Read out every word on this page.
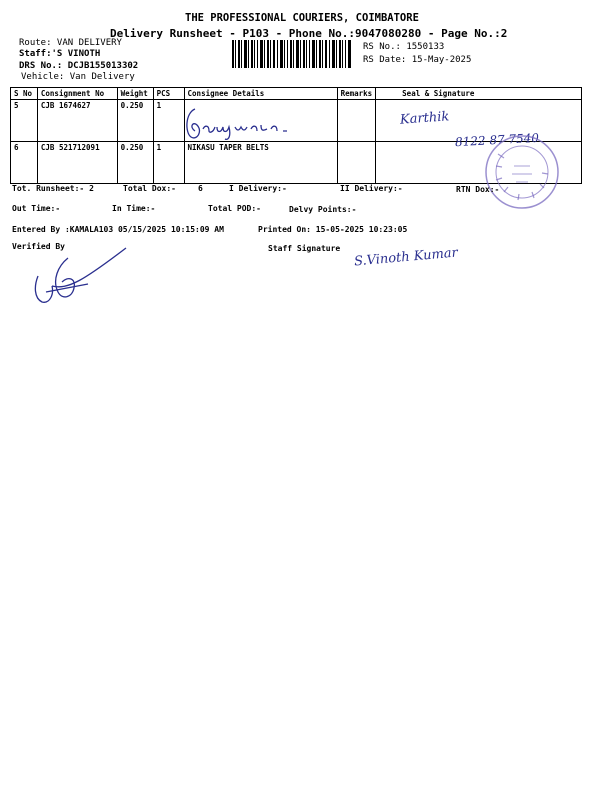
THE PROFESSIONAL COURIERS, COIMBATORE
Delivery Runsheet - P103 - Phone No.:9047080280 - Page No.:2
Route: VAN DELIVERY
Staff:'S VINOTH
DRS No.: DCJB155013302
Vehicle: Van Delivery
RS No.: 1550133
RS Date: 15-May-2025
S No	Consignment No	Weight	PCS	Consignee Details	Remarks	Seal & Signature
5	CJB 1674627	0.250	1			
6	CJB 521712091	0.250	1	NIKASU TAPER BELTS		
Karthik
8122 87 7540
Tot. Runsheet:- 2	Total Dox:-	6	I Delivery:-	II Delivery:-	RTN Dox:-
Out Time:-	In Time:-	Total POD:-	Delvy Points:-
Entered By :KAMALA103 05/15/2025 10:15:09 AM	Printed On: 15-05-2025 10:23:05
Verified By	Staff Signature S.Vinoth Kumar
